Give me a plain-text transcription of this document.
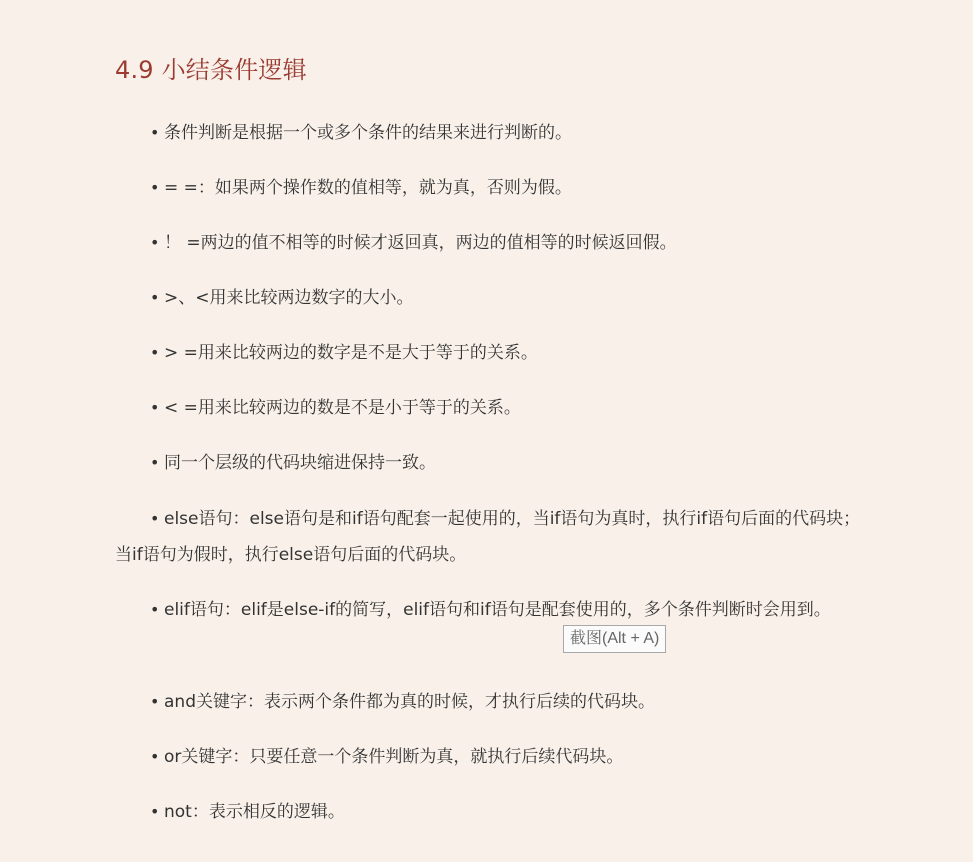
4.9 小结条件逻辑
• 条件判断是根据一个或多个条件的结果来进行判断的。
• = =：如果两个操作数的值相等，就为真，否则为假。
• ！ =两边的值不相等的时候才返回真，两边的值相等的时候返回假。
• >、<用来比较两边数字的大小。
• > =用来比较两边的数字是不是大于等于的关系。
• < =用来比较两边的数是不是小于等于的关系。
• 同一个层级的代码块缩进保持一致。
• else语句：else语句是和if语句配套一起使用的，当if语句为真时，执行if语句后面的代码块；当if语句为假时，执行else语句后面的代码块。
• elif语句：elif是else-if的简写，elif语句和if语句是配套使用的，多个条件判断时会用到。
• and关键字：表示两个条件都为真的时候，才执行后续的代码块。
• or关键字：只要任意一个条件判断为真，就执行后续代码块。
• not：表示相反的逻辑。
截图(Alt + A)
